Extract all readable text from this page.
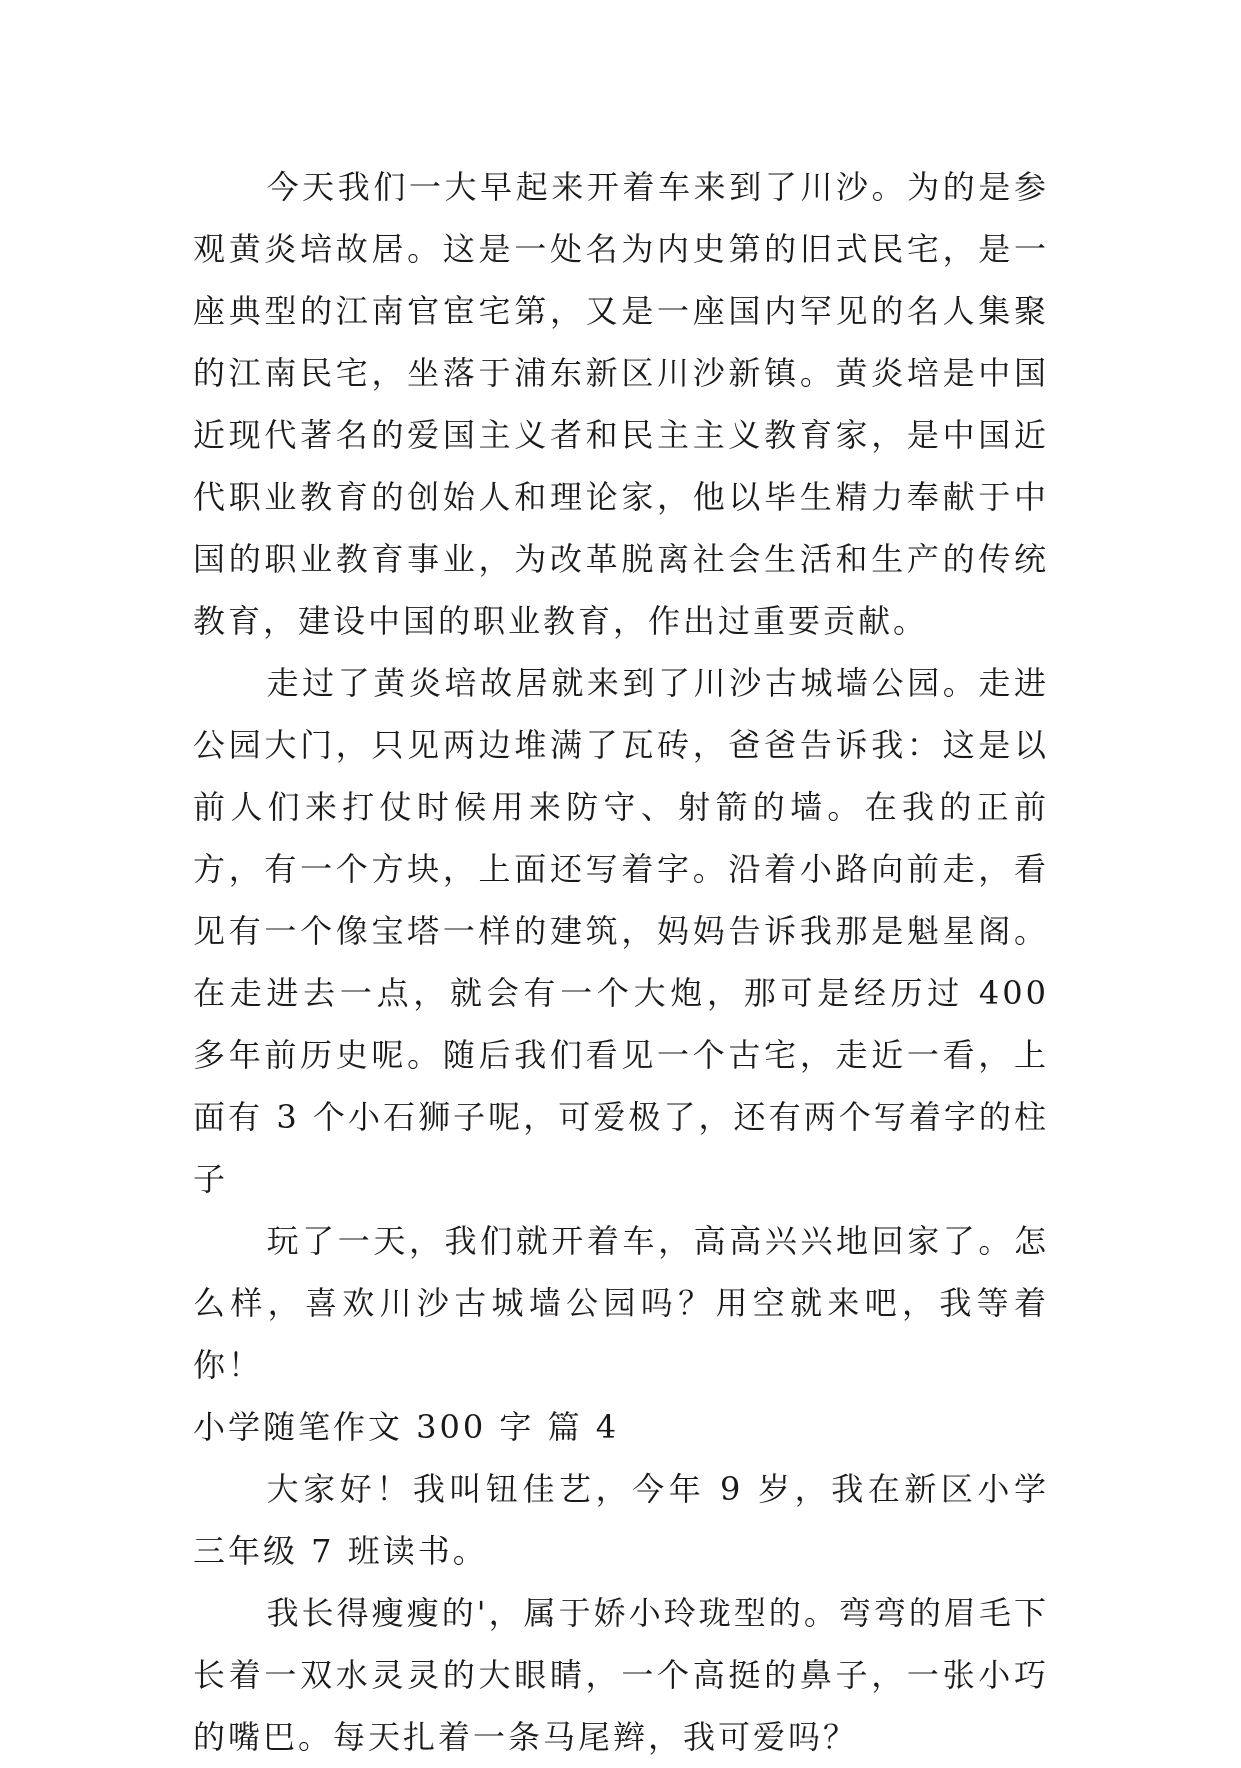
今天我们一大早起来开着车来到了川沙。为的是参观黄炎培故居。这是一处名为内史第的旧式民宅，是一座典型的江南官宦宅第，又是一座国内罕见的名人集聚的江南民宅，坐落于浦东新区川沙新镇。黄炎培是中国近现代著名的爱国主义者和民主主义教育家，是中国近代职业教育的创始人和理论家，他以毕生精力奉献于中国的职业教育事业，为改革脱离社会生活和生产的传统教育，建设中国的职业教育，作出过重要贡献。

走过了黄炎培故居就来到了川沙古城墙公园。走进公园大门，只见两边堆满了瓦砖，爸爸告诉我：这是以前人们来打仗时候用来防守、射箭的墙。在我的正前方，有一个方块，上面还写着字。沿着小路向前走，看见有一个像宝塔一样的建筑，妈妈告诉我那是魁星阁。在走进去一点，就会有一个大炮，那可是经历过 400 多年前历史呢。随后我们看见一个古宅，走近一看，上面有 3 个小石狮子呢，可爱极了，还有两个写着字的柱子

玩了一天，我们就开着车，高高兴兴地回家了。怎么样，喜欢川沙古城墙公园吗？用空就来吧，我等着你！

小学随笔作文 300 字 篇 4

大家好！我叫钮佳艺，今年 9 岁，我在新区小学三年级 7 班读书。

我长得瘦瘦的'，属于娇小玲珑型的。弯弯的眉毛下长着一双水灵灵的大眼睛，一个高挺的鼻子，一张小巧的嘴巴。每天扎着一条马尾辫，我可爱吗？
